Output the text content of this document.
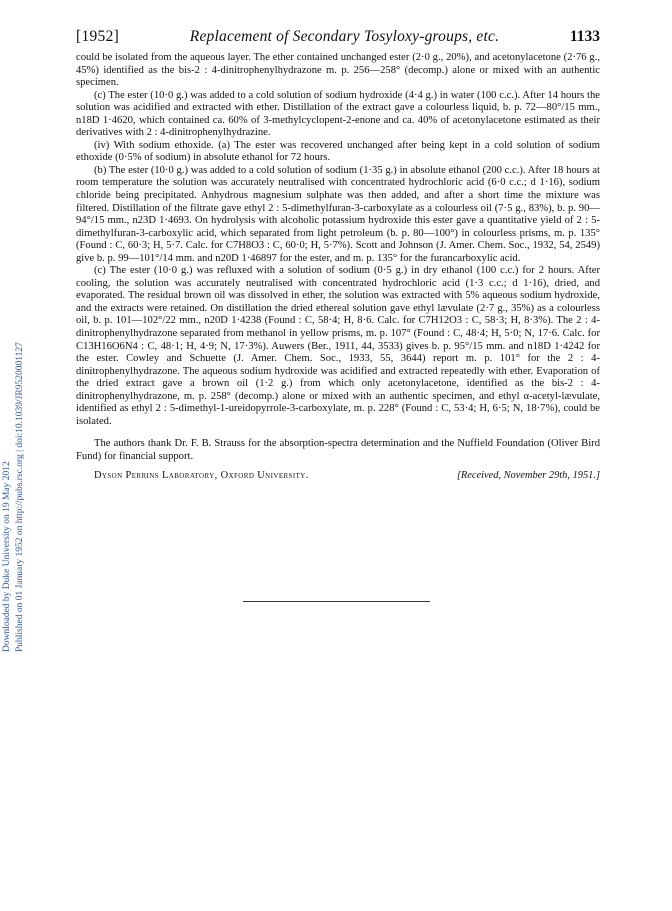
Downloaded by Duke University on 19 May 2012 Published on 01 January 1952 on http://pubs.rsc.org | doi:10.1039/JR9520001127
[1952]	Replacement of Secondary Tosyloxy-groups, etc.	1133

could be isolated from the aqueous layer. The ether contained unchanged ester (2·0 g., 20%), and acetonylacetone (2·76 g., 45%) identified as the bis-2 : 4-dinitrophenylhydrazone m. p. 256—258° (decomp.) alone or mixed with an authentic specimen.

(c) The ester (10·0 g.) was added to a cold solution of sodium hydroxide (4·4 g.) in water (100 c.c.). After 14 hours the solution was acidified and extracted with ether. Distillation of the extract gave a colourless liquid, b. p. 72—80°/15 mm., n18D 1·4620, which contained ca. 60% of 3-methylcyclopent-2-enone and ca. 40% of acetonylacetone estimated as their derivatives with 2 : 4-dinitrophenylhydrazine.

(iv) With sodium ethoxide. (a) The ester was recovered unchanged after being kept in a cold solution of sodium ethoxide (0·5% of sodium) in absolute ethanol for 72 hours.

(b) The ester (10·0 g.) was added to a cold solution of sodium (1·35 g.) in absolute ethanol (200 c.c.). After 18 hours at room temperature the solution was accurately neutralised with concentrated hydrochloric acid (6·0 c.c.; d 1·16), sodium chloride being precipitated. Anhydrous magnesium sulphate was then added, and after a short time the mixture was filtered. Distillation of the filtrate gave ethyl 2 : 5-dimethylfuran-3-carboxylate as a colourless oil (7·5 g., 83%), b. p. 90—94°/15 mm., n23D 1·4693. On hydrolysis with alcoholic potassium hydroxide this ester gave a quantitative yield of 2 : 5-dimethylfuran-3-carboxylic acid, which separated from light petroleum (b. p. 80—100°) in colourless prisms, m. p. 135° (Found : C, 60·3; H, 5·7. Calc. for C7H8O3 : C, 60·0; H, 5·7%). Scott and Johnson (J. Amer. Chem. Soc., 1932, 54, 2549) give b. p. 99—101°/14 mm. and n20D 1·46897 for the ester, and m. p. 135° for the furancarboxylic acid.

(c) The ester (10·0 g.) was refluxed with a solution of sodium (0·5 g.) in dry ethanol (100 c.c.) for 2 hours. After cooling, the solution was accurately neutralised with concentrated hydrochloric acid (1·3 c.c.; d 1·16), dried, and evaporated. The residual brown oil was dissolved in ether, the solution was extracted with 5% aqueous sodium hydroxide, and the extracts were retained. On distillation the dried ethereal solution gave ethyl lævulate (2·7 g., 35%) as a colourless oil, b. p. 101—102°/22 mm., n20D 1·4238 (Found : C, 58·4; H, 8·6. Calc. for C7H12O3 : C, 58·3; H, 8·3%). The 2 : 4-dinitrophenylhydrazone separated from methanol in yellow prisms, m. p. 107° (Found : C, 48·4; H, 5·0; N, 17·6. Calc. for C13H16O6N4 : C, 48·1; H, 4·9; N, 17·3%). Auwers (Ber., 1911, 44, 3533) gives b. p. 95°/15 mm. and n18D 1·4242 for the ester. Cowley and Schuette (J. Amer. Chem. Soc., 1933, 55, 3644) report m. p. 101° for the 2 : 4-dinitrophenylhydrazone. The aqueous sodium hydroxide was acidified and extracted repeatedly with ether. Evaporation of the dried extract gave a brown oil (1·2 g.) from which only acetonylacetone, identified as the bis-2 : 4-dinitrophenylhydrazone, m. p. 258° (decomp.) alone or mixed with an authentic specimen, and ethyl α-acetyl-lævulate, identified as ethyl 2 : 5-dimethyl-1-ureidopyrrole-3-carboxylate, m. p. 228° (Found : C, 53·4; H, 6·5; N, 18·7%), could be isolated.

The authors thank Dr. F. B. Strauss for the absorption-spectra determination and the Nuffield Foundation (Oliver Bird Fund) for financial support.

Dyson Perrins Laboratory, Oxford University.	[Received, November 29th, 1951.]
